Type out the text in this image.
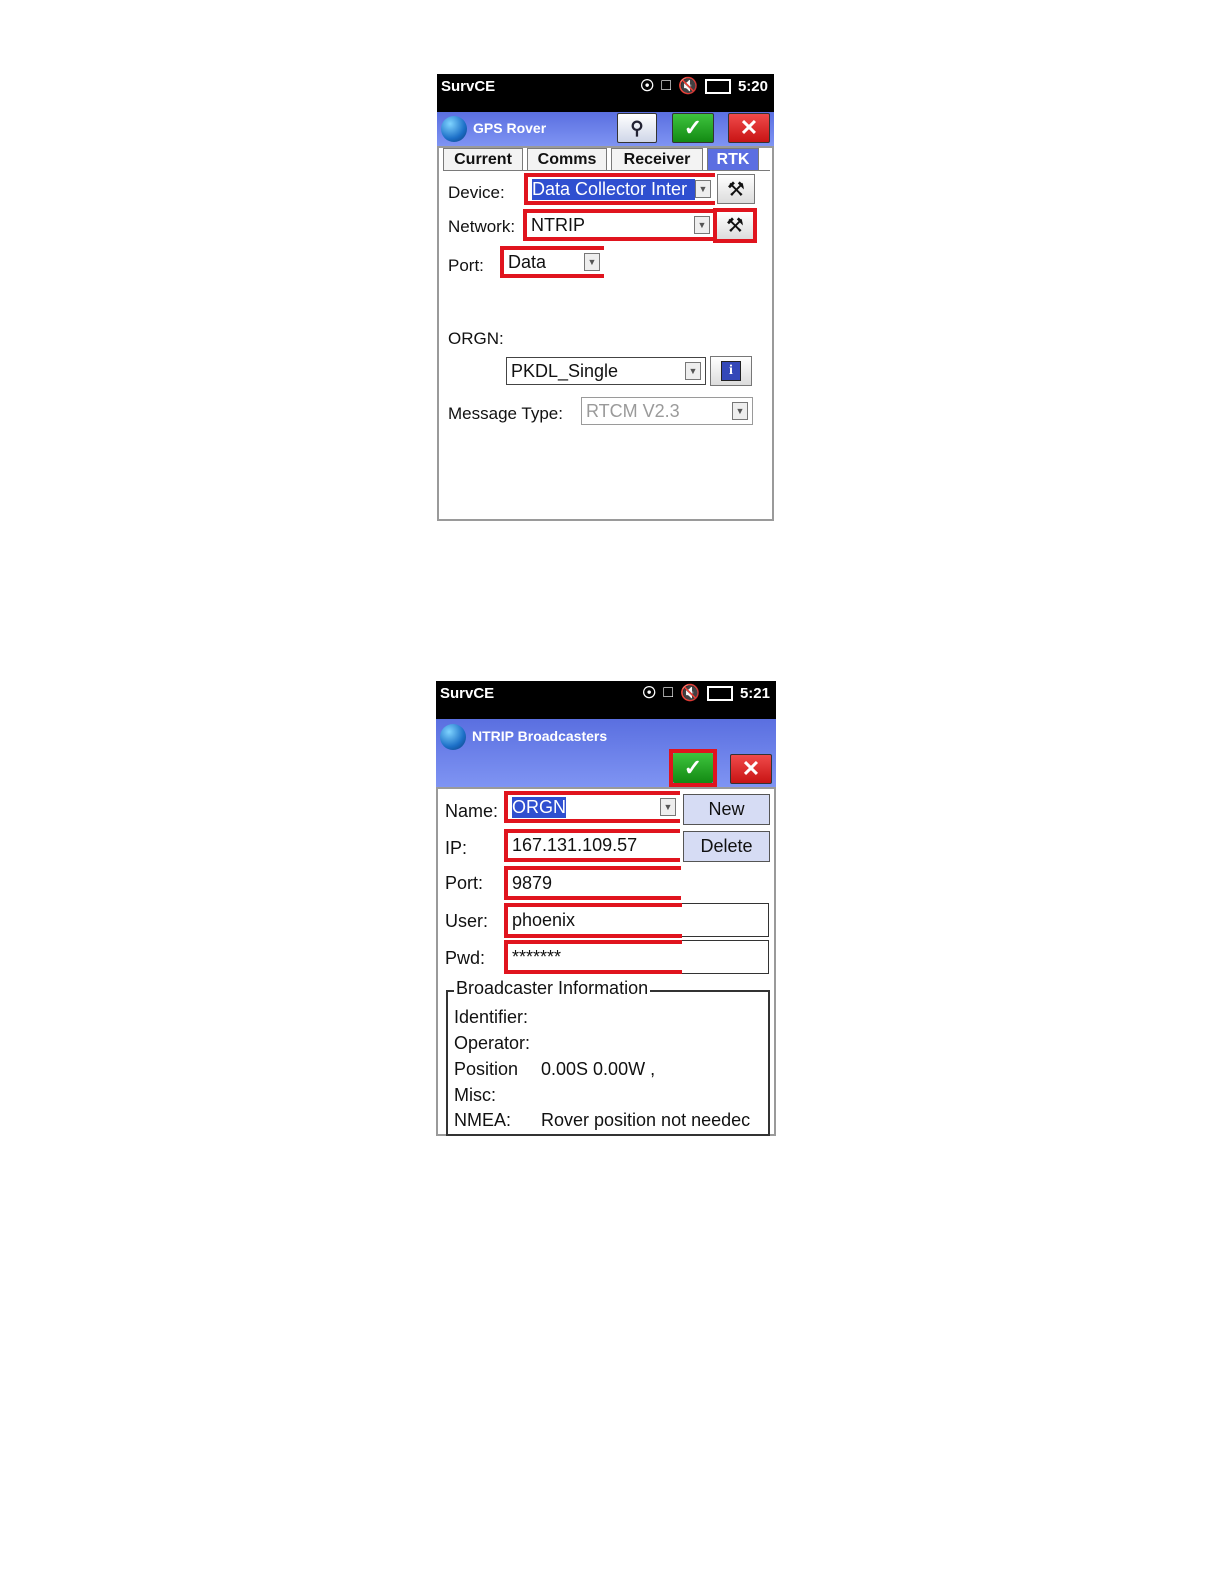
SurvCE	☉ □ 🔇	5:20
GPS Rover	⚲ ✓ ✕
Current	Comms	Receiver	RTK
Device: Data Collector Inter	▼ ⚒
Network: NTRIP	▼ ⚒
Port: Data	▼
ORGN:
PKDL_Single	▼	i
Message Type: RTCM V2.3	▼
SurvCE	☉ □ 🔇	5:21
NTRIP Broadcasters
✓ ✕
Name: ORGN	▼	New
IP: 167.131.109.57	Delete
Port: 9879
User: phoenix
Pwd: *******
Broadcaster Information
Identifier:
Operator:
Position 0.00S 0.00W ,
Misc:
NMEA: Rover position not needec
